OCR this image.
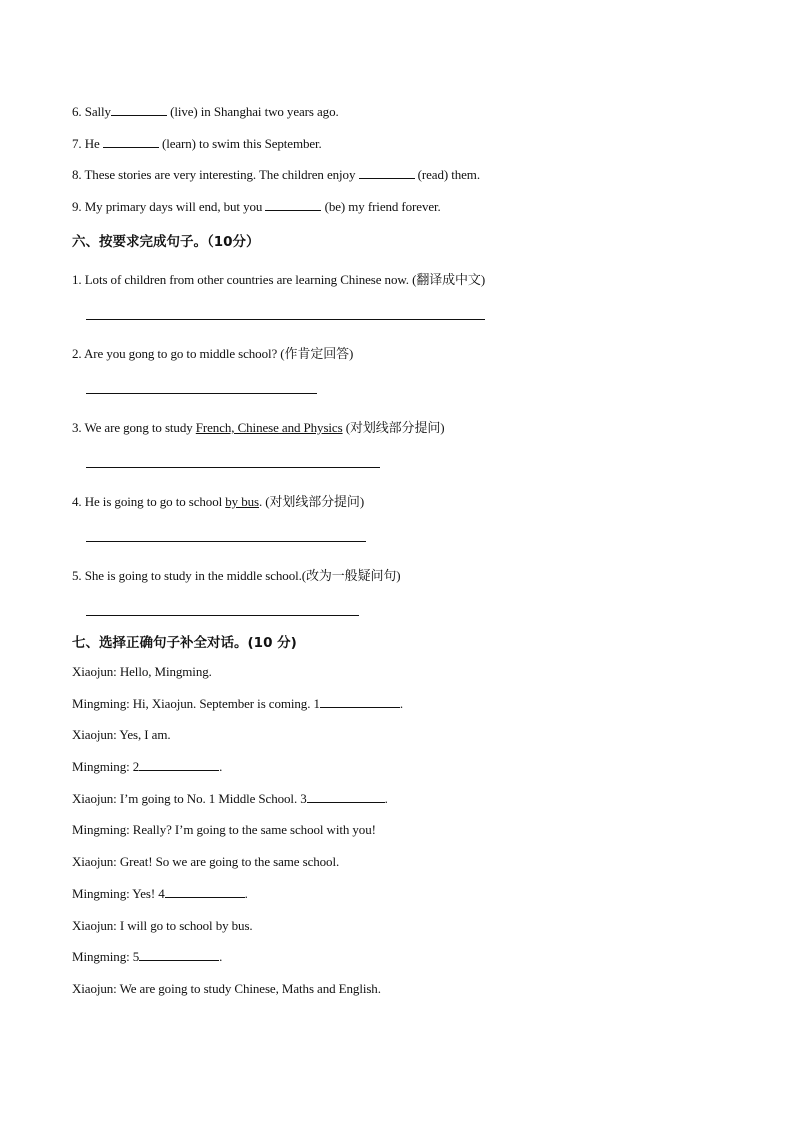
6. Sally	(live) in Shanghai two years ago.
7. He	(learn) to swim this September.
8. These stories are very interesting. The children enjoy	(read) them.
9. My primary days will end, but you	(be) my friend forever.
六、按要求完成句子。（10分）
1. Lots of children from other countries are learning Chinese now. (翻译成中文)
2. Are you gong to go to middle school? (作肯定回答)
3. We are gong to study French, Chinese and Physics (对划线部分提问)
4. He is going to go to school by bus. (对划线部分提问)
5. She is going to study in the middle school.(改为一般疑问句)
七、选择正确句子补全对话。(10 分)
Xiaojun: Hello, Mingming.
Mingming: Hi, Xiaojun. September is coming. 1	.
Xiaojun: Yes, I am.
Mingming: 2	.
Xiaojun: I’m going to No. 1 Middle School. 3	.
Mingming: Really? I’m going to the same school with you!
Xiaojun: Great! So we are going to the same school.
Mingming: Yes! 4	.
Xiaojun: I will go to school by bus.
Mingming: 5	.
Xiaojun: We are going to study Chinese, Maths and English.
